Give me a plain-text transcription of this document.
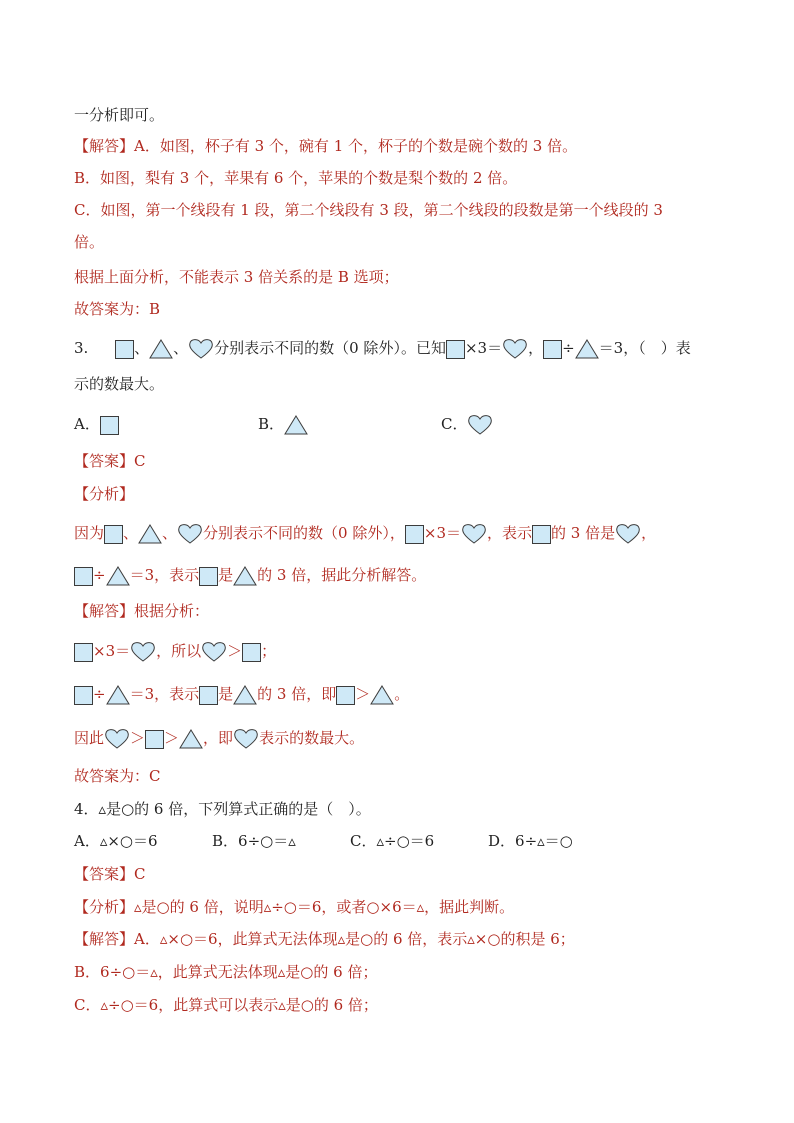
一分析即可。
【解答】A．如图，杯子有 3 个，碗有 1 个，杯子的个数是碗个数的 3 倍。
B．如图，梨有 3 个，苹果有 6 个，苹果的个数是梨个数的 2 倍。
C．如图，第一个线段有 1 段，第二个线段有 3 段，第二个线段的段数是第一个线段的 3
倍。
根据上面分析，不能表示 3 倍关系的是 B 选项；
故答案为：B
3.	、 、 分别表示不同的数（0 除外）。已知 ×3＝ ， ÷ ＝3，（　）表
示的数最大。
A．	B．	C．
【答案】C
【分析】
因为 、 、 分别表示不同的数（0 除外）， ×3＝ ，表示 的 3 倍是 ，
÷ ＝3，表示 是 的 3 倍，据此分析解答。
【解答】根据分析：
×3＝ ，所以 ＞ ；
÷ ＝3，表示 是 的 3 倍，即 ＞ 。
因此 ＞ ＞ ，即 表示的数最大。
故答案为：C
4．▵是○的 6 倍，下列算式正确的是（　）。
A．▵×○＝6	B．6÷○＝▵	C．▵÷○＝6	D．6÷▵＝○
【答案】C
【分析】▵是○的 6 倍，说明▵÷○＝6，或者○×6＝▵，据此判断。
【解答】A．▵×○＝6，此算式无法体现▵是○的 6 倍，表示▵×○的积是 6；
B．6÷○＝▵，此算式无法体现▵是○的 6 倍；
C．▵÷○＝6，此算式可以表示▵是○的 6 倍；
